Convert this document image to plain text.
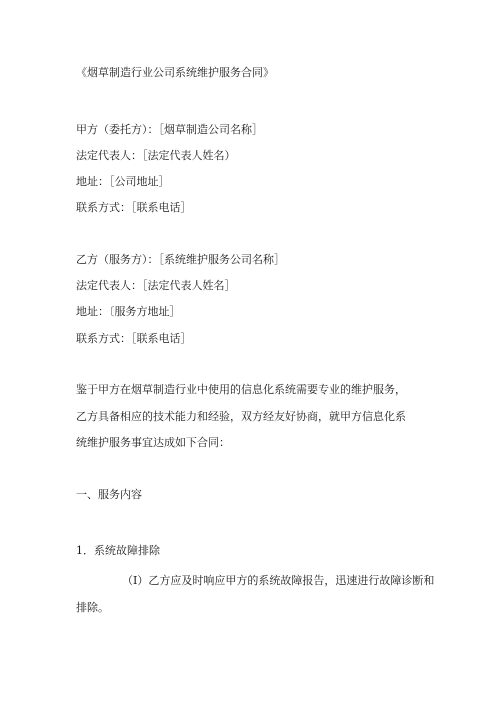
《烟草制造行业公司系统维护服务合同》
甲方（委托方）：［烟草制造公司名称］
法定代表人：［法定代表人姓名）
地址：［公司地址］
联系方式：［联系电话］
乙方（服务方）：［系统维护服务公司名称］
法定代表人：［法定代表人姓名］
地址：〔服务方地址］
联系方式：［联系电话］
鉴于甲方在烟草制造行业中使用的信息化系统需要专业的维护服务，
乙方具备相应的技术能力和经验，双方经友好协商，就甲方信息化系
统维护服务事宜达成如下合同：
一、服务内容
1．系统故障排除
（I）乙方应及时响应甲方的系统故障报告，迅速进行故障诊断和
排除。
